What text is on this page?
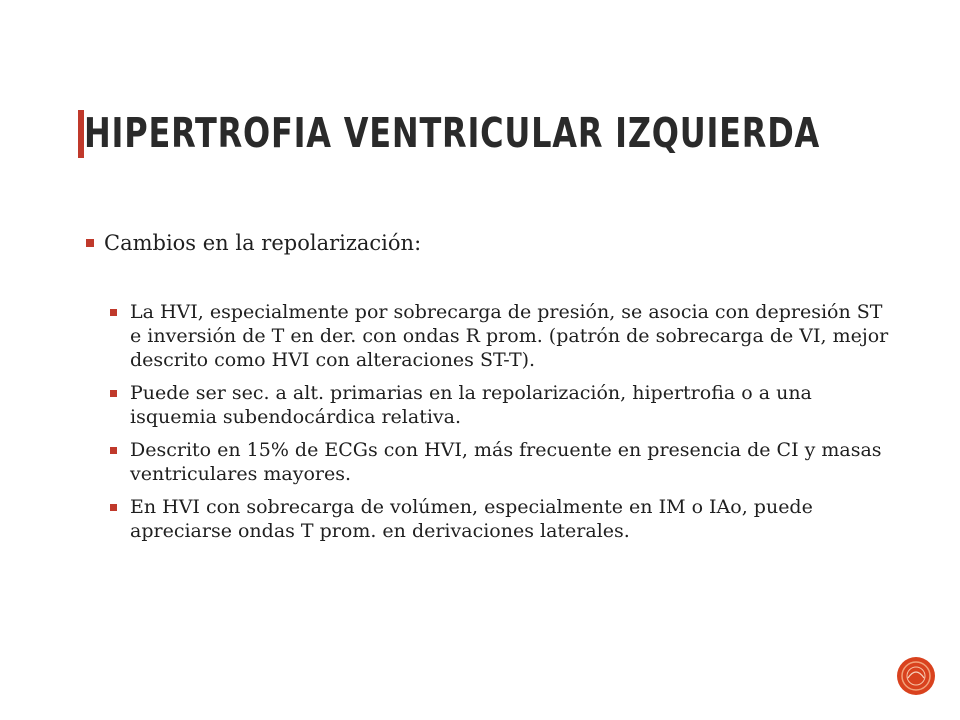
HIPERTROFIA VENTRICULAR IZQUIERDA
Cambios en la repolarización:
La HVI, especialmente por sobrecarga de presión, se asocia con depresión ST e inversión de T en der. con ondas R prom. (patrón de sobrecarga de VI, mejor descrito como HVI con alteraciones ST-T).
Puede ser sec. a alt. primarias en la repolarización, hipertrofia o a una isquemia subendocárdica relativa.
Descrito en 15% de ECGs con HVI, más frecuente en presencia de CI y masas ventriculares mayores.
En HVI con sobrecarga de volúmen, especialmente en IM o IAo, puede apreciarse ondas T prom. en derivaciones laterales.
